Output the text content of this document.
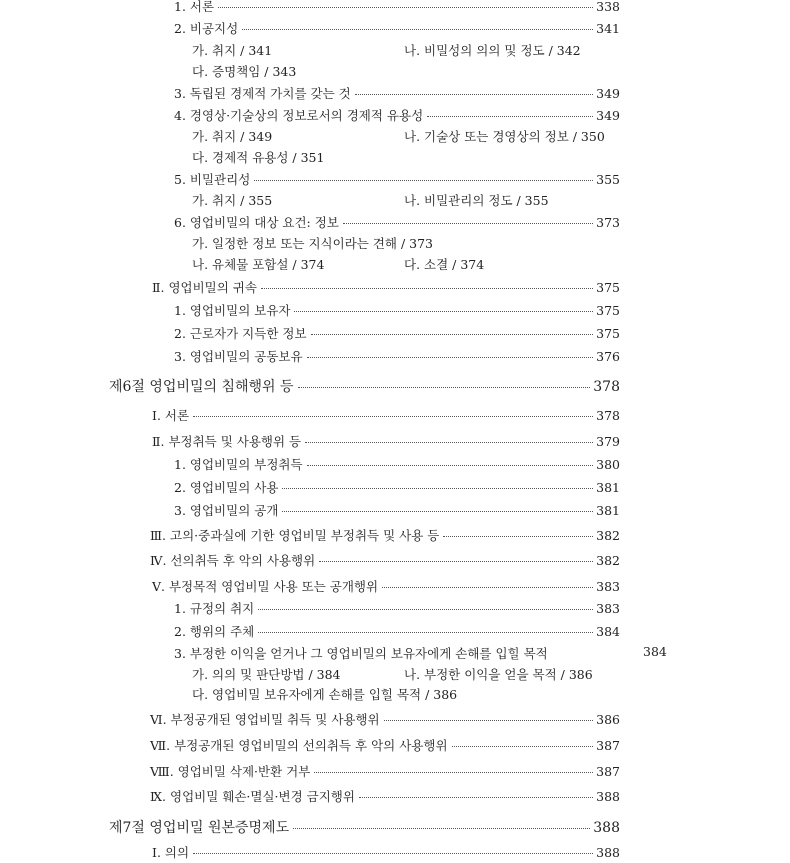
1. 서론	338
2. 비공지성	341
가. 취지 / 341	나. 비밀성의 의의 및 정도 / 342
다. 증명책임 / 343
3. 독립된 경제적 가치를 갖는 것	349
4. 경영상·기술상의 정보로서의 경제적 유용성	349
가. 취지 / 349	나. 기술상 또는 경영상의 정보 / 350
다. 경제적 유용성 / 351
5. 비밀관리성	355
가. 취지 / 355	나. 비밀관리의 정도 / 355
6. 영업비밀의 대상 요건: 정보	373
가. 일정한 정보 또는 지식이라는 견해 / 373
나. 유체물 포함설 / 374	다. 소결 / 374
Ⅱ. 영업비밀의 귀속	375
1. 영업비밀의 보유자	375
2. 근로자가 지득한 정보	375
3. 영업비밀의 공동보유	376
제6절 영업비밀의 침해행위 등	378
Ⅰ. 서론	378
Ⅱ. 부정취득 및 사용행위 등	379
1. 영업비밀의 부정취득	380
2. 영업비밀의 사용	381
3. 영업비밀의 공개	381
Ⅲ. 고의·중과실에 기한 영업비밀 부정취득 및 사용 등	382
Ⅳ. 선의취득 후 악의 사용행위	382
Ⅴ. 부정목적 영업비밀 사용 또는 공개행위	383
1. 규정의 취지	383
2. 행위의 주체	384
3. 부정한 이익을 얻거나 그 영업비밀의 보유자에게 손해를 입힐 목적	384
가. 의의 및 판단방법 / 384	나. 부정한 이익을 얻을 목적 / 386
다. 영업비밀 보유자에게 손해를 입힐 목적 / 386
Ⅵ. 부정공개된 영업비밀 취득 및 사용행위	386
Ⅶ. 부정공개된 영업비밀의 선의취득 후 악의 사용행위	387
Ⅷ. 영업비밀 삭제·반환 거부	387
Ⅸ. 영업비밀 훼손·멸실·변경 금지행위	388
제7절 영업비밀 원본증명제도	388
Ⅰ. 의의	388
